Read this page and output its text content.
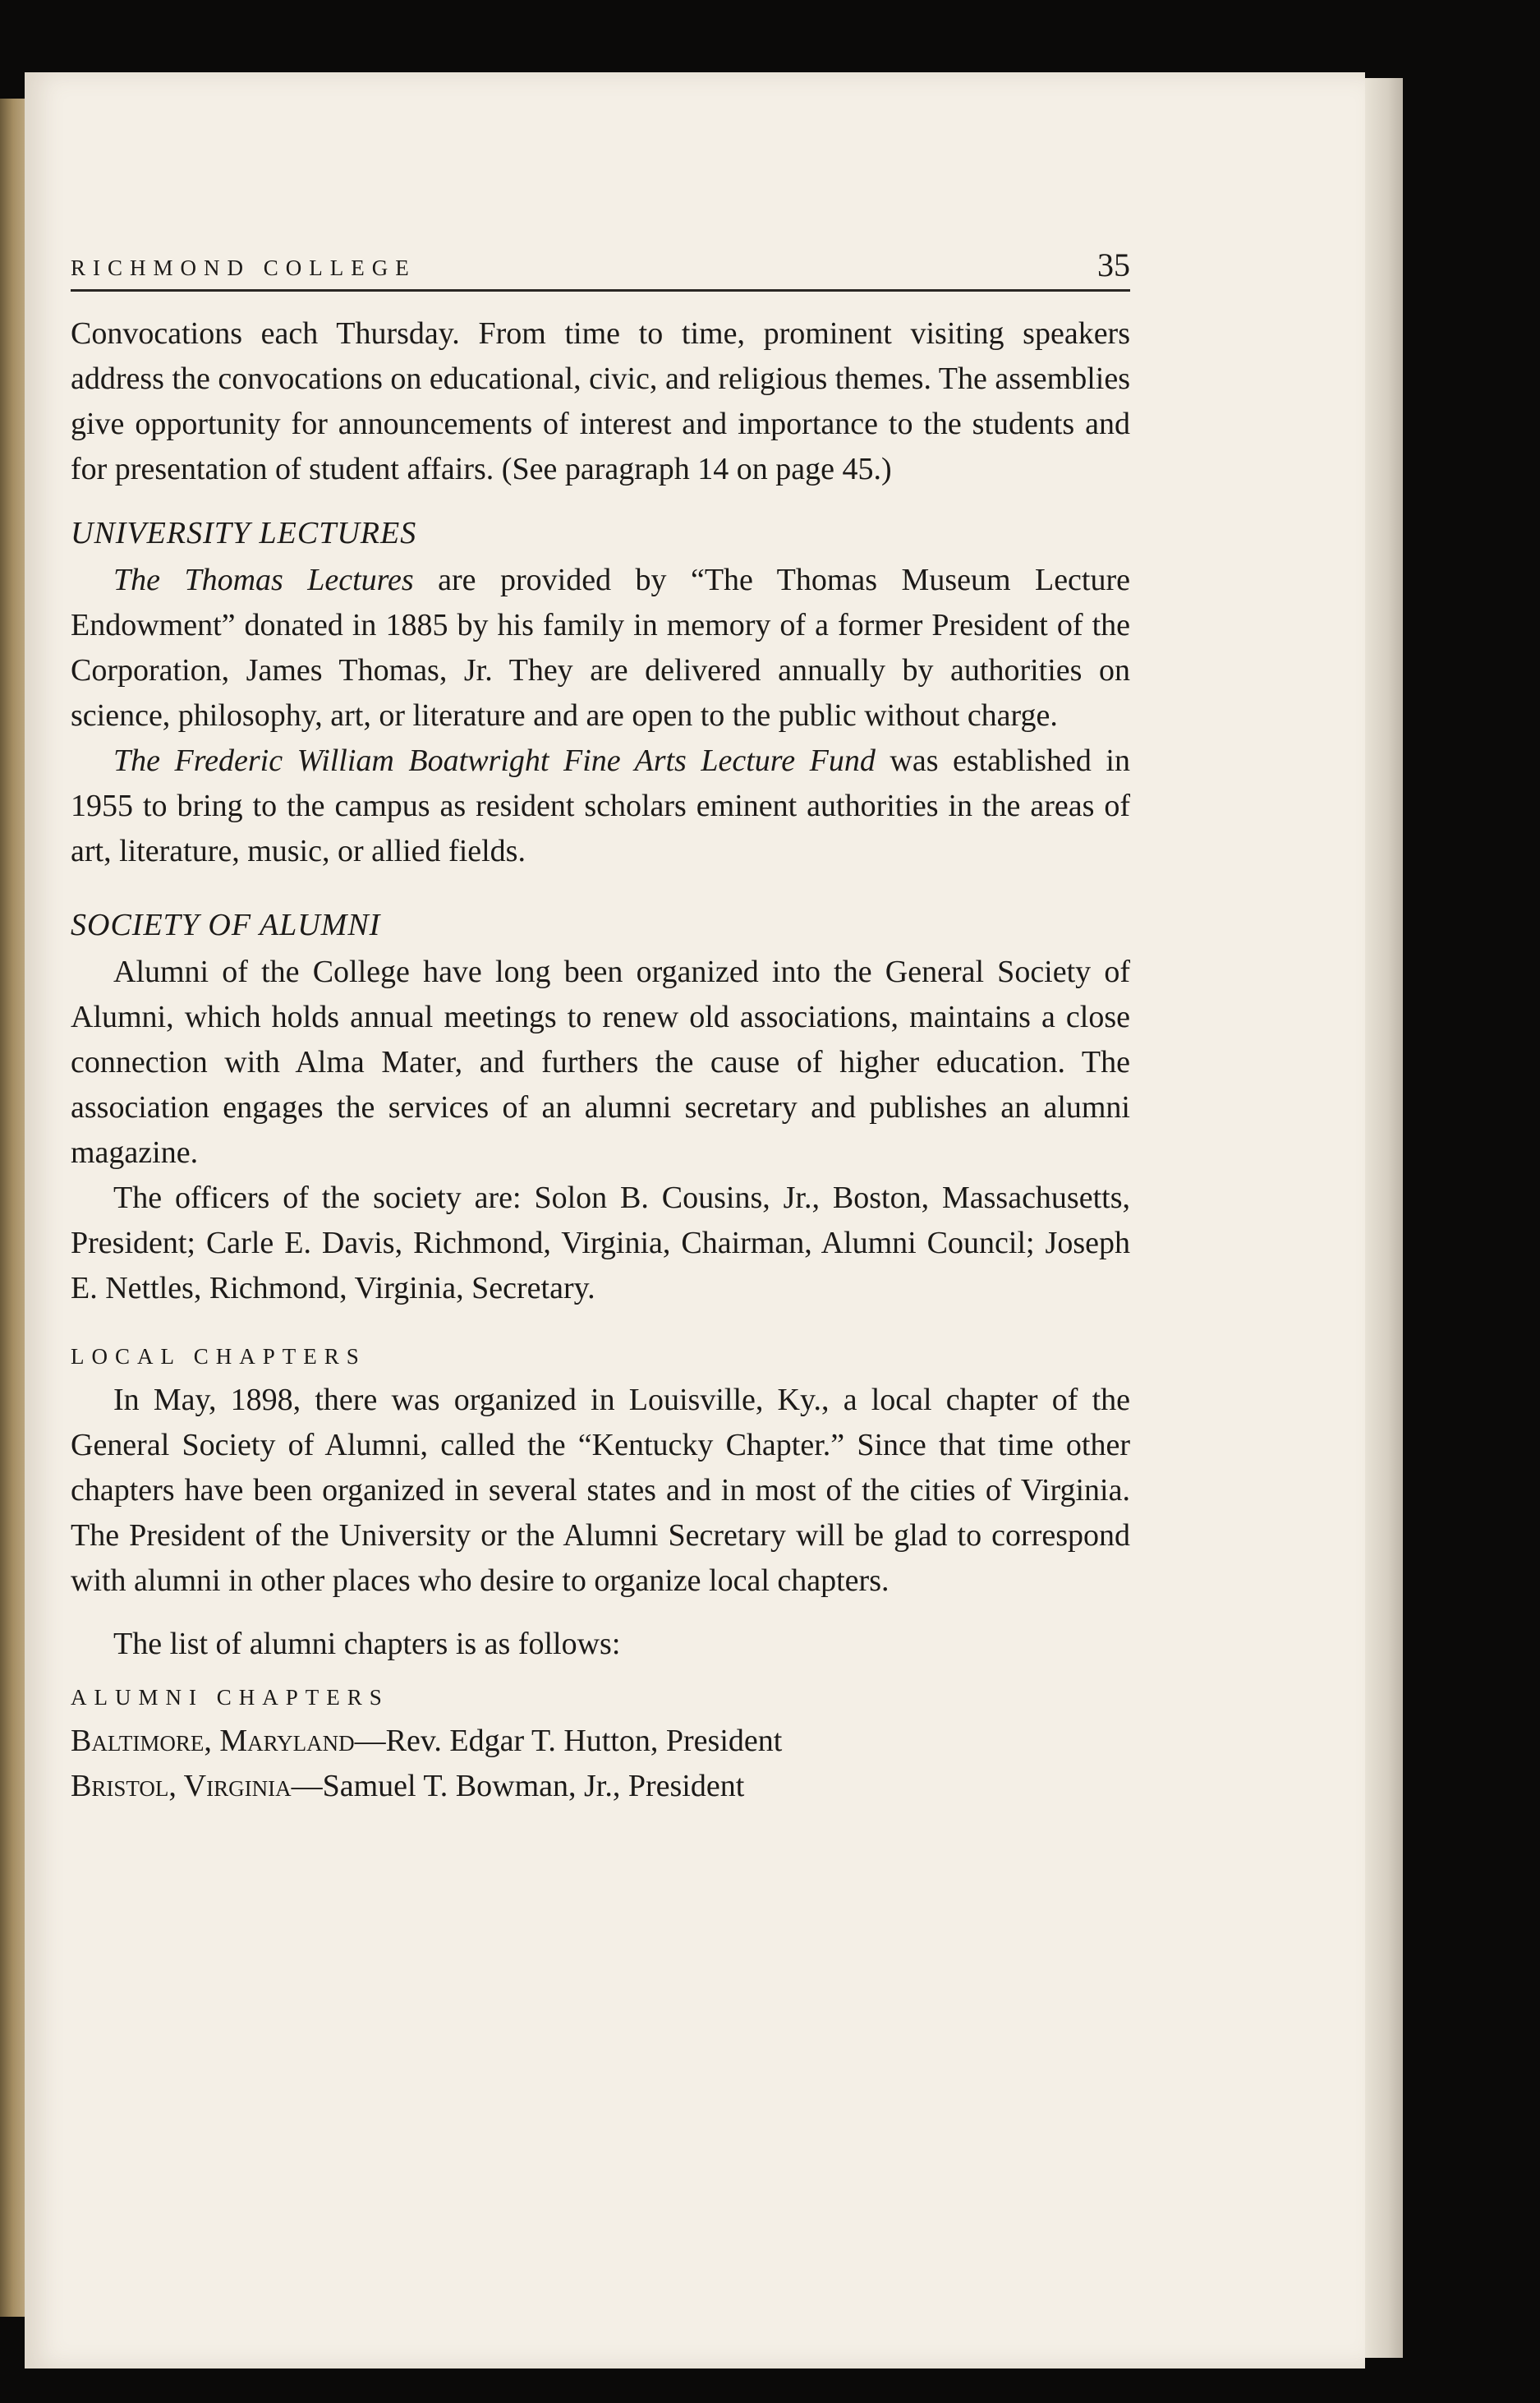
RICHMOND COLLEGE	35

Convocations each Thursday. From time to time, prominent visiting speakers address the convocations on educational, civic, and religious themes. The assemblies give opportunity for announcements of interest and importance to the students and for presentation of student affairs. (See paragraph 14 on page 45.)

UNIVERSITY LECTURES

The Thomas Lectures are provided by “The Thomas Museum Lecture Endowment” donated in 1885 by his family in memory of a former President of the Corporation, James Thomas, Jr. They are delivered annually by authorities on science, philosophy, art, or literature and are open to the public without charge.

The Frederic William Boatwright Fine Arts Lecture Fund was established in 1955 to bring to the campus as resident scholars eminent authorities in the areas of art, literature, music, or allied fields.

SOCIETY OF ALUMNI

Alumni of the College have long been organized into the General Society of Alumni, which holds annual meetings to renew old associations, maintains a close connection with Alma Mater, and furthers the cause of higher education. The association engages the services of an alumni secretary and publishes an alumni magazine.

The officers of the society are: Solon B. Cousins, Jr., Boston, Massachusetts, President; Carle E. Davis, Richmond, Virginia, Chairman, Alumni Council; Joseph E. Nettles, Richmond, Virginia, Secretary.

LOCAL CHAPTERS

In May, 1898, there was organized in Louisville, Ky., a local chapter of the General Society of Alumni, called the “Kentucky Chapter.” Since that time other chapters have been organized in several states and in most of the cities of Virginia. The President of the University or the Alumni Secretary will be glad to correspond with alumni in other places who desire to organize local chapters.

The list of alumni chapters is as follows:

ALUMNI CHAPTERS

Baltimore, Maryland—Rev. Edgar T. Hutton, President

Bristol, Virginia—Samuel T. Bowman, Jr., President
